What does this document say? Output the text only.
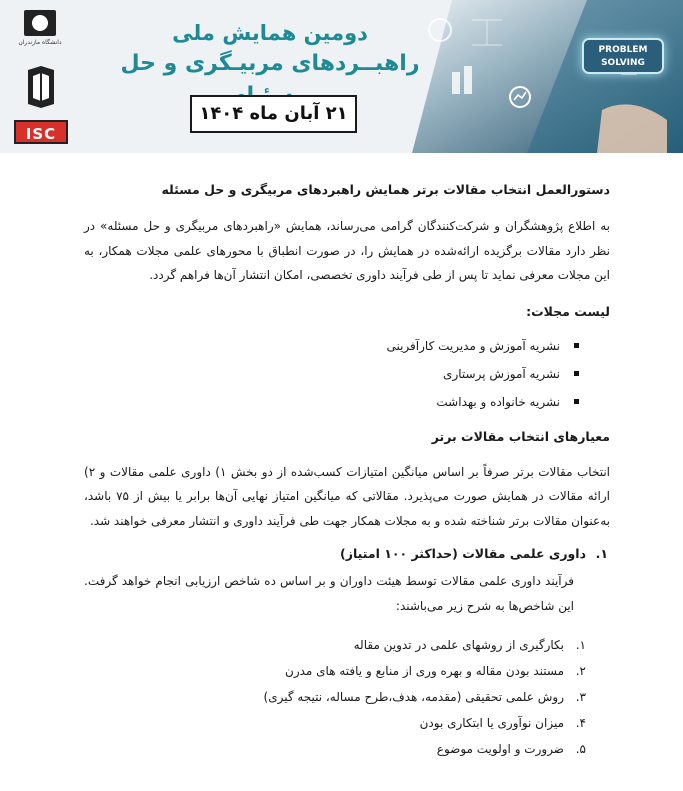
PROBLEM
SOLVING
دانشگاه مازندران
ISC
دومین همایش ملی
راهبــردهای مربیـگری و حل
۲۱ آبان ماه ۱۴۰۴
دستورالعمل انتخاب مقالات برتر همایش راهبردهای مربیگری و حل مسئله

به اطلاع پژوهشگران و شرکت‌کنندگان گرامی می‌رساند، همایش «راهبردهای مربیگری و حل مسئله» در نظر دارد مقالات برگزیده ارائه‌شده در همایش را، در صورت انطباق با محورهای علمی مجلات همکار، به این مجلات معرفی نماید تا پس از طی فرآیند داوری تخصصی، امکان انتشار آن‌ها فراهم گردد.

لیست مجلات:
نشریه آموزش و مدیریت کارآفرینی
نشریه آموزش پرستاری
نشریه خانواده و بهداشت
معیارهای انتخاب مقالات برتر

انتخاب مقالات برتر صرفاً بر اساس میانگین امتیازات کسب‌شده از دو بخش ۱) داوری علمی مقالات و ۲) ارائه مقالات در همایش صورت می‌پذیرد. مقالاتی که میانگین امتیاز نهایی آن‌ها برابر یا بیش از ۷۵ باشد، به‌عنوان مقالات برتر شناخته شده و به مجلات همکار جهت طی فرآیند داوری و انتشار معرفی خواهند شد.

۱.
داوری علمی مقالات (حداکثر ۱۰۰ امتیاز)

فرآیند داوری علمی مقالات توسط هیئت داوران و بر اساس ده شاخص ارزیابی انجام خواهد گرفت. این شاخص‌ها به شرح زیر می‌باشند:

۱.
بکارگیری از روشهای علمی در تدوین مقاله
۲.
مستند بودن مقاله و بهره وری از منابع و یافته های مدرن
۳.
روش علمی تحقیقی (مقدمه، هدف،طرح مساله، نتیجه گیری)
۴.
میزان نوآوری یا ابتکاری بودن
۵.
ضرورت و اولویت موضوع
